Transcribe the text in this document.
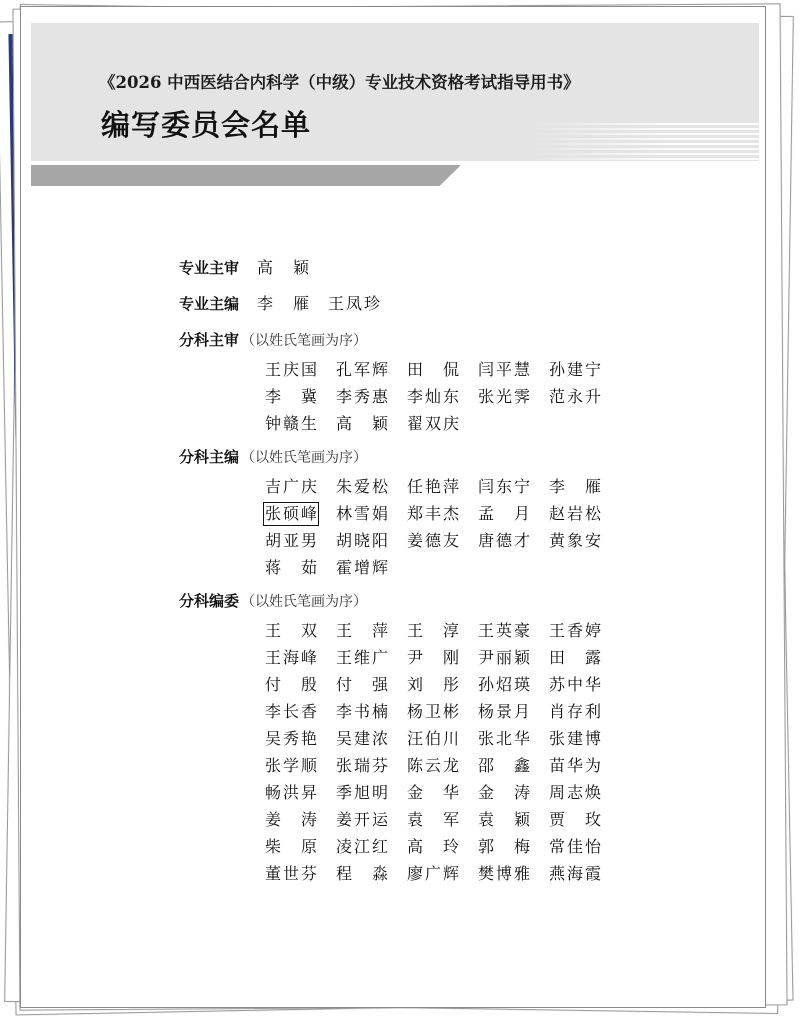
《2026 中西医结合内科学（中级）专业技术资格考试指导用书》
编写委员会名单
专业主审 高　颖
专业主编 李　雁 王凤珍
分科主审 （以姓氏笔画为序）
王庆国 孔军辉 田　侃 闫平慧 孙建宁
李　冀 李秀惠 李灿东 张光霁 范永升
钟赣生 高　颖 翟双庆
分科主编 （以姓氏笔画为序）
吉广庆 朱爱松 任艳萍 闫东宁 李　雁
张硕峰 林雪娟 郑丰杰 孟　月 赵岩松
胡亚男 胡晓阳 姜德友 唐德才 黄象安
蒋　茹 霍增辉
分科编委 （以姓氏笔画为序）
王　双 王　萍 王　淳 王英豪 王香婷
王海峰 王维广 尹　刚 尹丽颖 田　露
付　殷 付　强 刘　彤 孙炤瑛 苏中华
李长香 李书楠 杨卫彬 杨景月 肖存利
吴秀艳 吴建浓 汪伯川 张北华 张建博
张学顺 张瑞芬 陈云龙 邵　鑫 苗华为
畅洪昇 季旭明 金　华 金　涛 周志焕
姜　涛 姜开运 袁　军 袁　颖 贾　玫
柴　原 凌江红 高　玲 郭　梅 常佳怡
董世芬 程　淼 廖广辉 樊博雅 燕海霞
